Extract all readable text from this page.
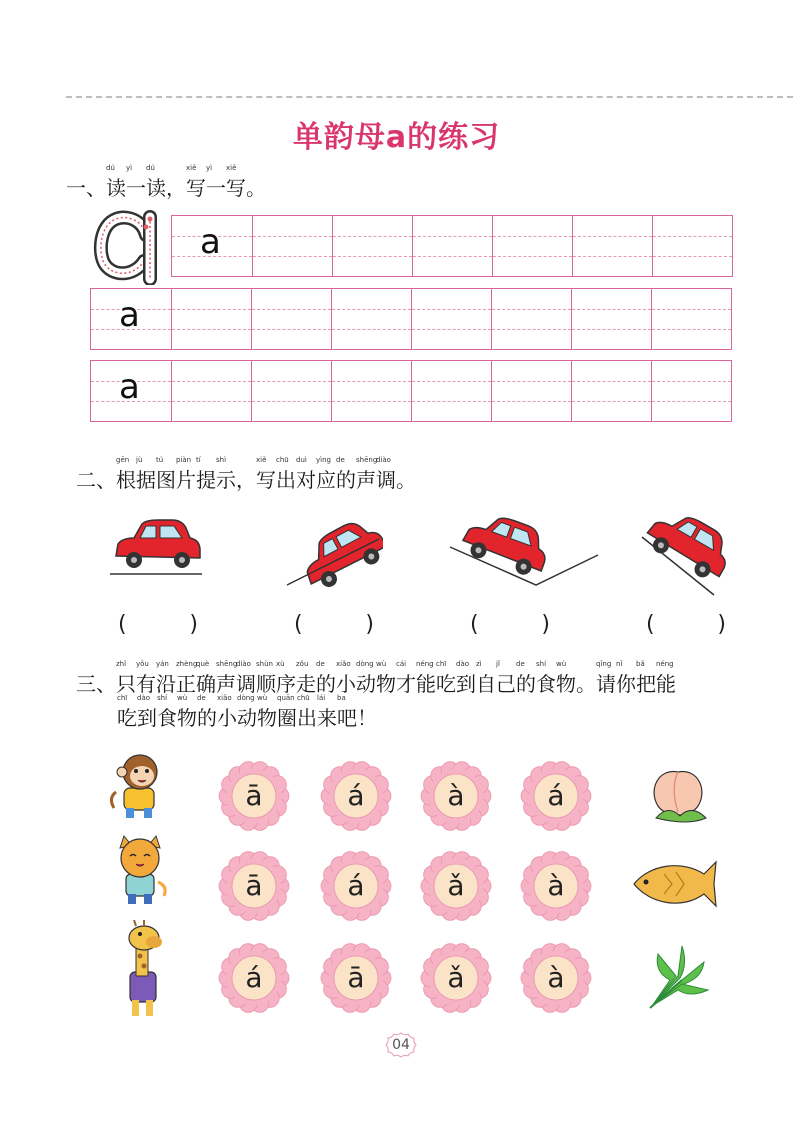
单韵母a的练习
一、
dú
读
yì
一
dú
读，
xiě
写
yì
一
xiě
写。
a
a
a
二、
gēn
根
jù
据
tú
图
piàn
片
tí
提
shì
示，
xiě
写
chū
出
duì
对
yìng
应
de
的
shēng
声
diào
调。
(	)	(	)	(	)	(	)
三、
zhǐ
只
yǒu
有
yán
沿
zhèng
正
què
确
shēng
声
diào
调
shùn
顺
xù
序
zǒu
走
de
的
xiǎo
小
dòng
动
wù
物
cái
才
néng
能
chī
吃
dào
到
zì
自
jǐ
己
de
的
shí
食
wù
物。
qǐng
请
nǐ
你
bǎ
把
néng
能
chī
吃
dào
到
shí
食
wù
物
de
的
xiǎo
小
dòng
动
wù
物
quān
圈
chū
出
lái
来
ba
吧！
ā	á	à	á
ā	á	ǎ	à
á	ā	ǎ	à
04
